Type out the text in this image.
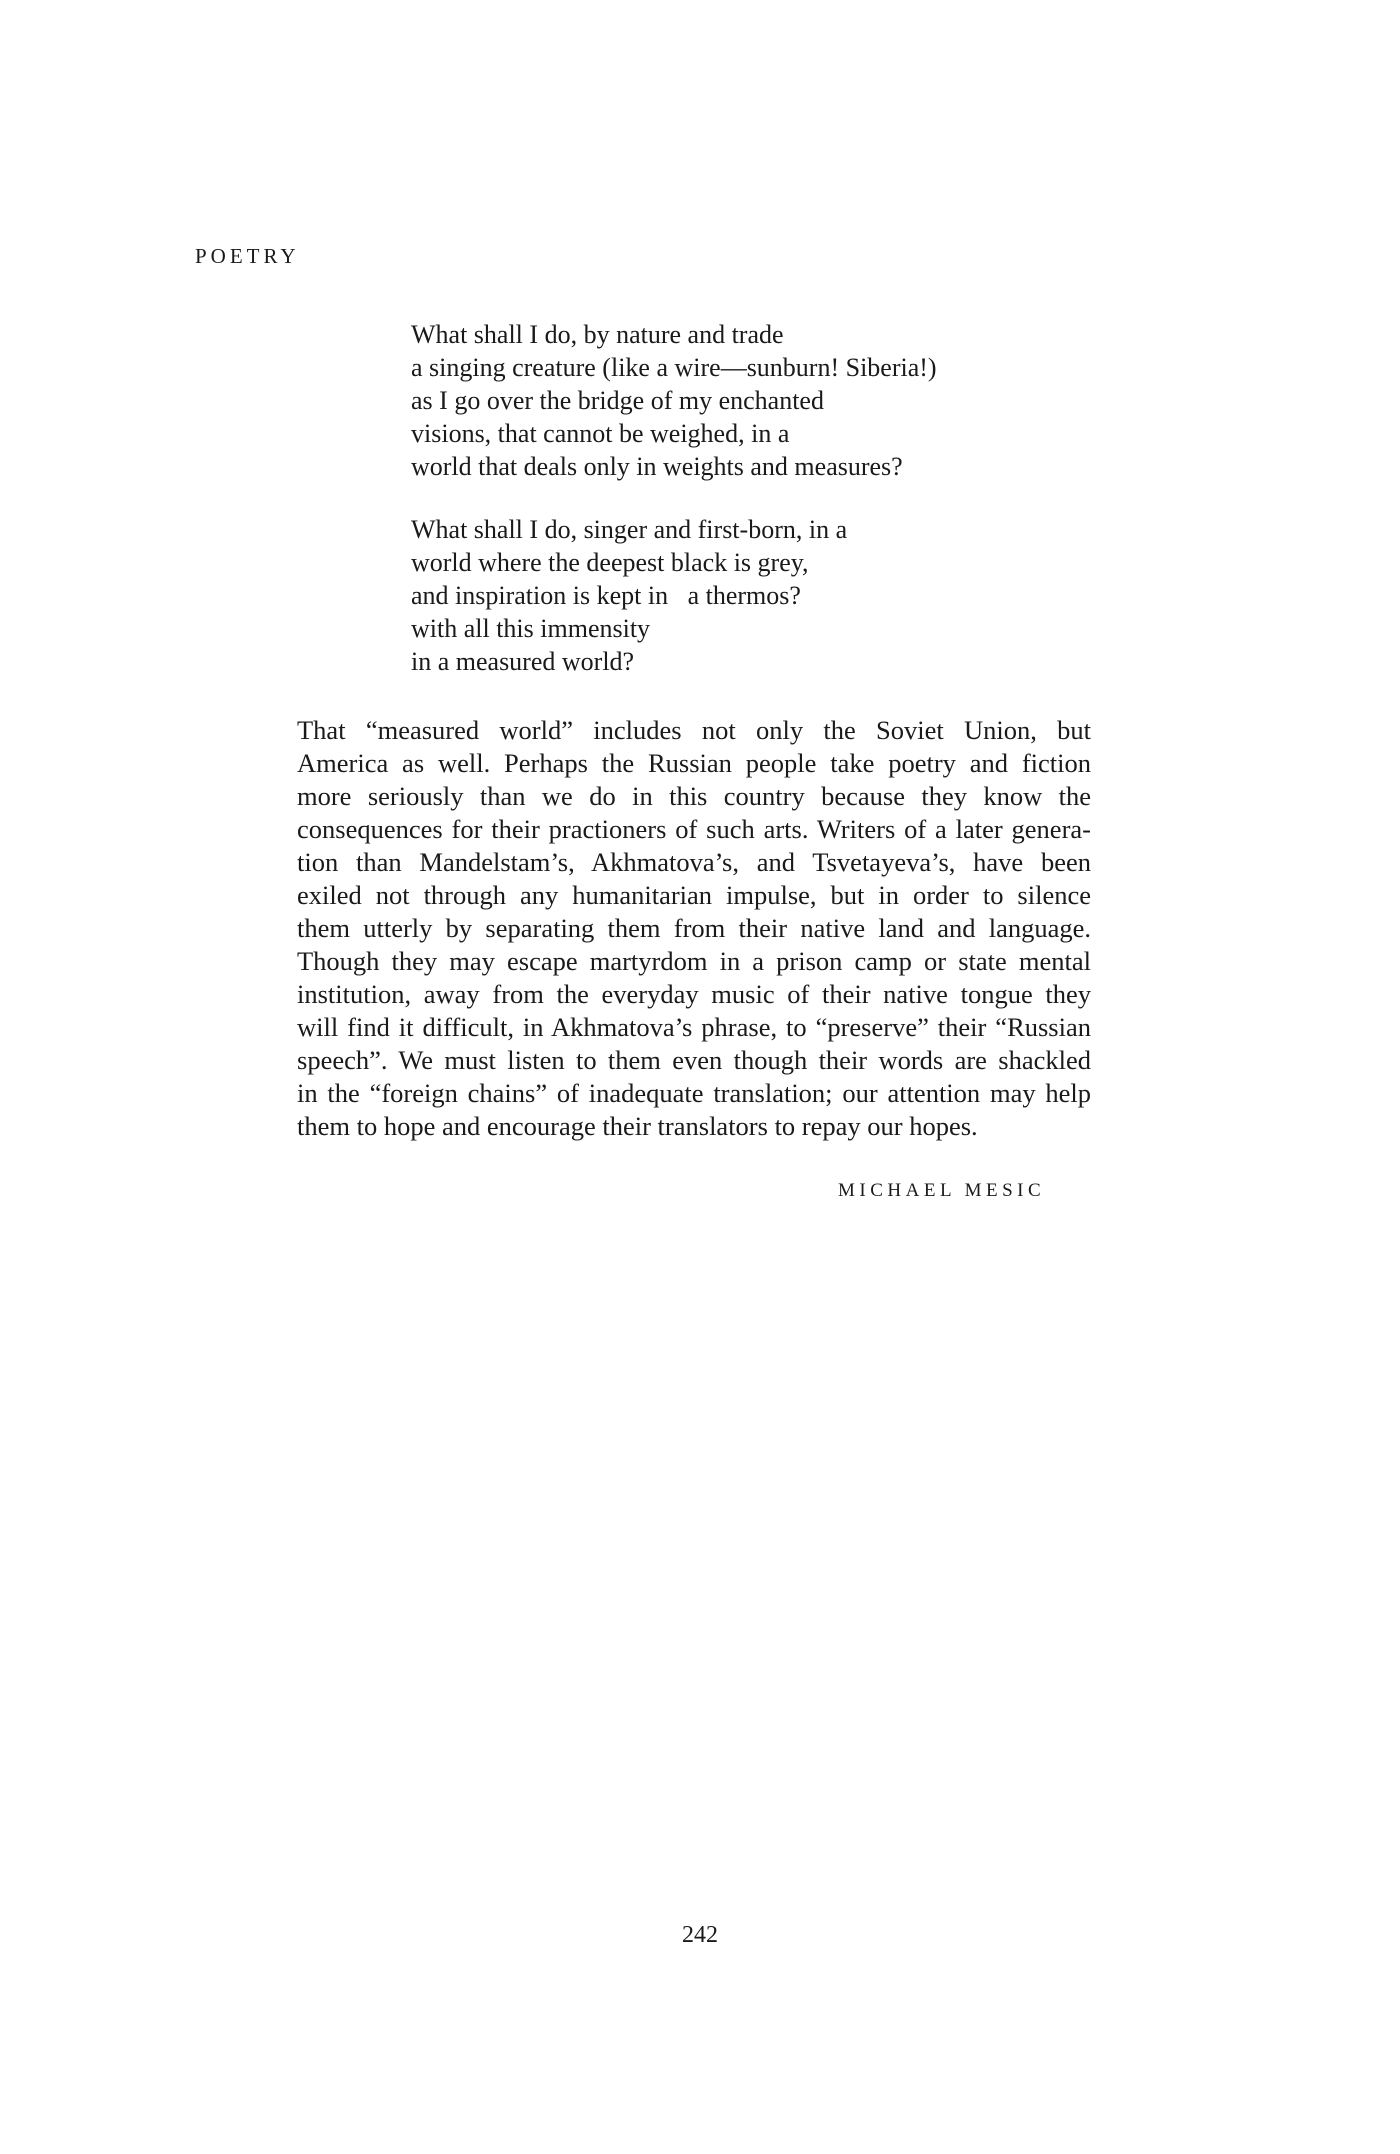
POETRY
What shall I do, by nature and trade
a singing creature (like a wire—sunburn! Siberia!)
as I go over the bridge of my enchanted
visions, that cannot be weighed, in a
world that deals only in weights and measures?
What shall I do, singer and first-born, in a
world where the deepest black is grey,
and inspiration is kept in   a thermos?
with all this immensity
in a measured world?
That “measured world” includes not only the Soviet Union, but
America as well. Perhaps the Russian people take poetry and fiction
more seriously than we do in this country because they know the
consequences for their practioners of such arts. Writers of a later genera-
tion than Mandelstam’s, Akhmatova’s, and Tsvetayeva’s, have been
exiled not through any humanitarian impulse, but in order to silence
them utterly by separating them from their native land and language.
Though they may escape martyrdom in a prison camp or state mental
institution, away from the everyday music of their native tongue they
will find it difficult, in Akhmatova’s phrase, to “preserve” their “Russian
speech”. We must listen to them even though their words are shackled
in the “foreign chains” of inadequate translation; our attention may help
them to hope and encourage their translators to repay our hopes.
MICHAEL MESIC
242
